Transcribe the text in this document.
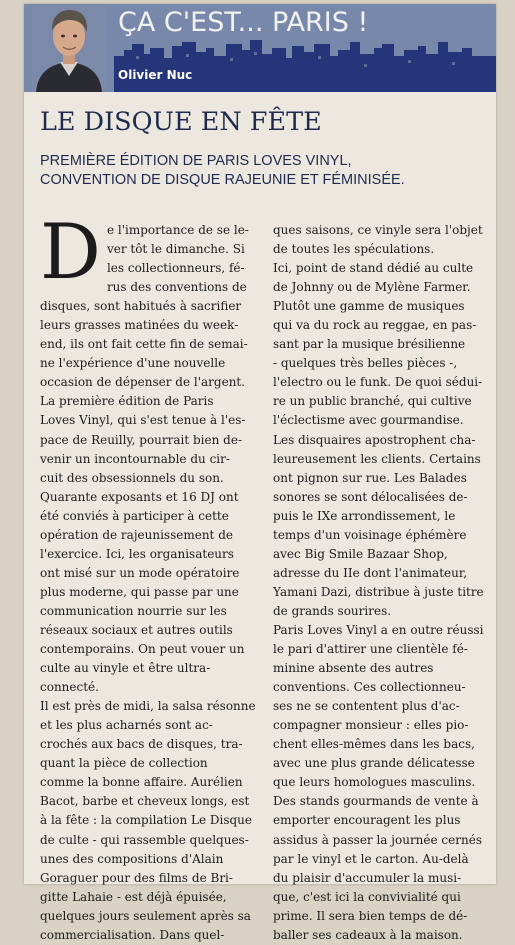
ÇA C'EST... PARIS !
Olivier Nuc
LE DISQUE EN FÊTE
PREMIÈRE ÉDITION DE PARIS LOVES VINYL,
CONVENTION DE DISQUE RAJEUNIE ET FÉMINISÉE.
D e l'importance de se le-
ver tôt le dimanche. Si
les collectionneurs, fé-
rus des conventions de
disques, sont habitués à sacrifier
leurs grasses matinées du week-
end, ils ont fait cette fin de semai-
ne l'expérience d'une nouvelle
occasion de dépenser de l'argent.
La première édition de Paris
Loves Vinyl, qui s'est tenue à l'es-
pace de Reuilly, pourrait bien de-
venir un incontournable du cir-
cuit des obsessionnels du son.
Quarante exposants et 16 DJ ont
été conviés à participer à cette
opération de rajeunissement de
l'exercice. Ici, les organisateurs
ont misé sur un mode opératoire
plus moderne, qui passe par une
communication nourrie sur les
réseaux sociaux et autres outils
contemporains. On peut vouer un
culte au vinyle et être ultra-
connecté.
Il est près de midi, la salsa résonne
et les plus acharnés sont ac-
crochés aux bacs de disques, tra-
quant la pièce de collection
comme la bonne affaire. Aurélien
Bacot, barbe et cheveux longs, est
à la fête : la compilation Le Disque
de culte - qui rassemble quelques-
unes des compositions d'Alain
Goraguer pour des films de Bri-
gitte Lahaie - est déjà épuisée,
quelques jours seulement après sa
commercialisation. Dans quel-
ques saisons, ce vinyle sera l'objet
de toutes les spéculations.
Ici, point de stand dédié au culte
de Johnny ou de Mylène Farmer.
Plutôt une gamme de musiques
qui va du rock au reggae, en pas-
sant par la musique brésilienne
- quelques très belles pièces -,
l'electro ou le funk. De quoi sédui-
re un public branché, qui cultive
l'éclectisme avec gourmandise.
Les disquaires apostrophent cha-
leureusement les clients. Certains
ont pignon sur rue. Les Balades
sonores se sont délocalisées de-
puis le IXe arrondissement, le
temps d'un voisinage éphémère
avec Big Smile Bazaar Shop,
adresse du IIe dont l'animateur,
Yamani Dazi, distribue à juste titre
de grands sourires.
Paris Loves Vinyl a en outre réussi
le pari d'attirer une clientèle fé-
minine absente des autres
conventions. Ces collectionneu-
ses ne se contentent plus d'ac-
compagner monsieur : elles pio-
chent elles-mêmes dans les bacs,
avec une plus grande délicatesse
que leurs homologues masculins.
Des stands gourmands de vente à
emporter encouragent les plus
assidus à passer la journée cernés
par le vinyl et le carton. Au-delà
du plaisir d'accumuler la musi-
que, c'est ici la convivialité qui
prime. Il sera bien temps de dé-
baller ses cadeaux à la maison.
